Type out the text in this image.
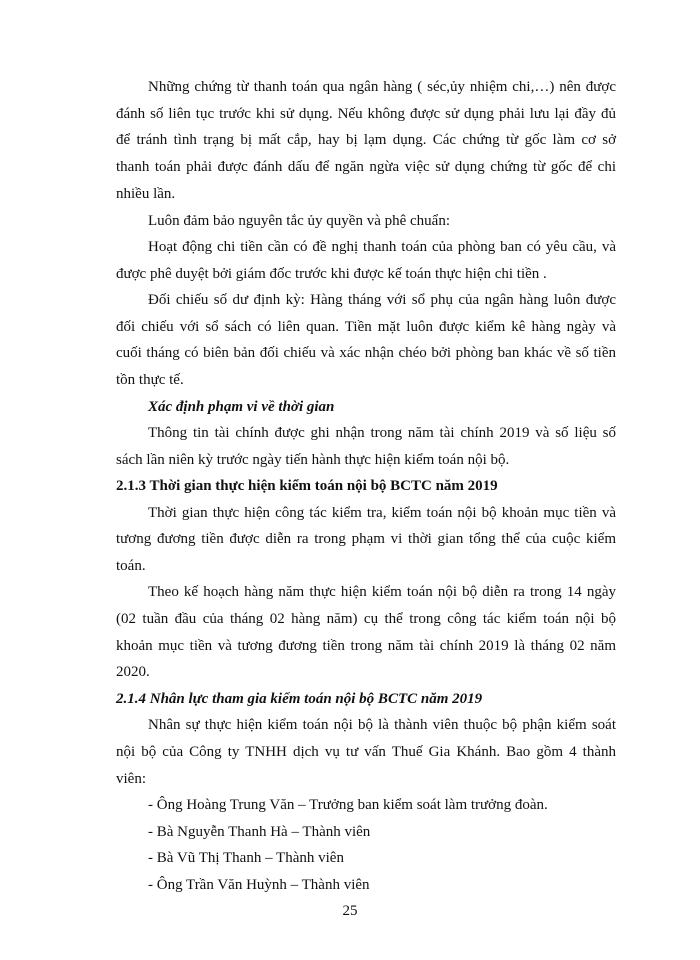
Những chứng từ thanh toán qua ngân hàng ( séc,ủy nhiệm chi,…) nên được
đánh số liên tục trước khi sử dụng. Nếu không được sử dụng phải lưu lại đầy đủ
để tránh tình trạng bị mất cắp, hay bị lạm dụng. Các chứng từ gốc làm cơ sở
thanh toán phải được đánh dấu để ngăn ngừa việc sử dụng chứng từ gốc để chi
nhiều lần.
Luôn đảm bảo nguyên tắc ủy quyền và phê chuẩn:
Hoạt động chi tiền cần có đề nghị thanh toán của phòng ban có yêu cầu, và
được phê duyệt bởi giám đốc trước khi được kế toán thực hiện chi tiền .
Đối chiếu số dư định kỳ: Hàng tháng với sổ phụ của ngân hàng luôn được
đối chiếu với sổ sách có liên quan. Tiền mặt luôn được kiểm kê hàng ngày và
cuối tháng có biên bản đối chiếu và xác nhận chéo bởi phòng ban khác về số tiền
tồn thực tế.
Xác định phạm vi về thời gian
Thông tin tài chính được ghi nhận trong năm tài chính 2019 và số liệu số
sách lần niên kỳ trước ngày tiến hành thực hiện kiểm toán nội bộ.
2.1.3 Thời gian thực hiện kiểm toán nội bộ BCTC năm 2019
Thời gian thực hiện công tác kiểm tra, kiểm toán nội bộ khoản mục tiền và
tương đương tiền được diễn ra trong phạm vi thời gian tổng thể của cuộc kiểm
toán.
Theo kế hoạch hàng năm thực hiện kiểm toán nội bộ diễn ra trong 14 ngày
(02 tuần đầu của tháng 02 hàng năm) cụ thể trong công tác kiểm toán nội bộ
khoản mục tiền và tương đương tiền trong năm tài chính 2019 là tháng 02 năm
2020.
2.1.4 Nhân lực tham gia kiểm toán nội bộ BCTC năm 2019
Nhân sự thực hiện kiểm toán nội bộ là thành viên thuộc bộ phận kiểm soát
nội bộ của Công ty TNHH dịch vụ tư vấn Thuế Gia Khánh. Bao gồm 4 thành
viên:
- Ông Hoàng Trung Văn – Trưởng ban kiểm soát làm trưởng đoàn.
- Bà Nguyễn Thanh Hà – Thành viên
- Bà Vũ Thị Thanh – Thành viên
- Ông Trần Văn Huỳnh – Thành viên
25
